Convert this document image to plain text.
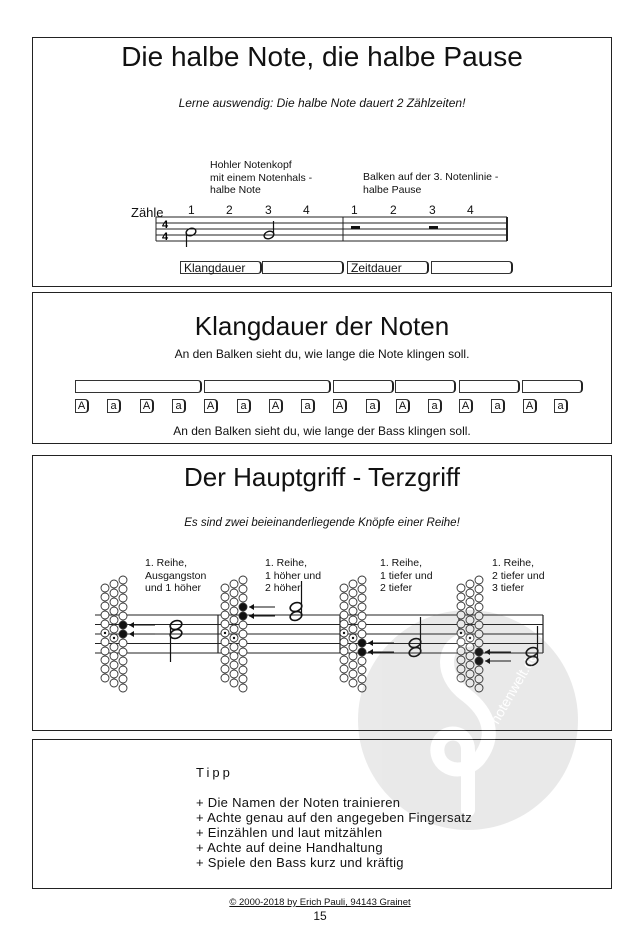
Die halbe Note, die halbe Pause
Lerne auswendig: Die halbe Note dauert 2 Zählzeiten!
Hohler Notenkopf
mit einem Notenhals -
halbe Note
Balken auf der 3. Notenlinie -
halbe Pause
Zähle 1	2	3	4	1	2	3	4
4
4
Klangdauer	Zeitdauer
Klangdauer der Noten
An den Balken sieht du, wie lange die Note klingen soll.
A	a	A	a	A	a	A	a	A	a	A	a	A	a	A	a
An den Balken sieht du, wie lange der Bass klingen soll.
Der Hauptgriff - Terzgriff
Es sind zwei beieinanderliegende Knöpfe einer Reihe!
1. Reihe,
Ausgangston
und 1 höher
1. Reihe,
1 höher und
2 höher
1. Reihe,
1 tiefer und
2 tiefer
1. Reihe,
2 tiefer und
3 tiefer
Tipp
+ Die Namen der Noten trainieren
+ Achte genau auf den angegeben Fingersatz
+ Einzählen und laut mitzählen
+ Achte auf deine Handhaltung
+ Spiele den Bass kurz und kräftig
notenwelt.de
© 2000-2018 by Erich Pauli, 94143 Grainet
15
